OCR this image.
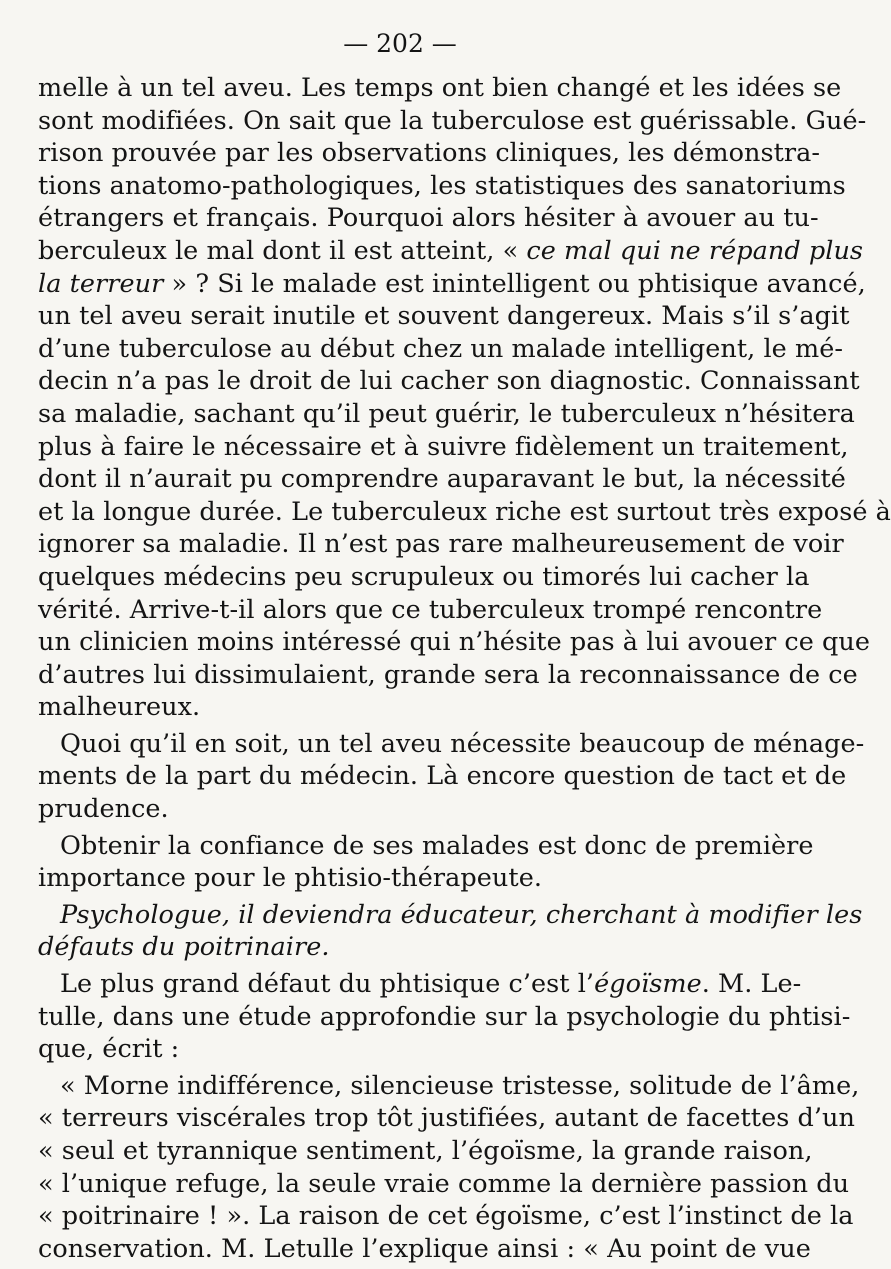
— 202 —

melle à un tel aveu. Les temps ont bien changé et les idées se
sont modifiées. On sait que la tuberculose est guérissable. Gué-
rison prouvée par les observations cliniques, les démonstra-
tions anatomo-pathologiques, les statistiques des sanatoriums
étrangers et français. Pourquoi alors hésiter à avouer au tu-
berculeux le mal dont il est atteint, « ce mal qui ne répand plus
la terreur » ? Si le malade est inintelligent ou phtisique avancé,
un tel aveu serait inutile et souvent dangereux. Mais s’il s’agit
d’une tuberculose au début chez un malade intelligent, le mé-
decin n’a pas le droit de lui cacher son diagnostic. Connaissant
sa maladie, sachant qu’il peut guérir, le tuberculeux n’hésitera
plus à faire le nécessaire et à suivre fidèlement un traitement,
dont il n’aurait pu comprendre auparavant le but, la nécessité
et la longue durée. Le tuberculeux riche est surtout très exposé à
ignorer sa maladie. Il n’est pas rare malheureusement de voir
quelques médecins peu scrupuleux ou timorés lui cacher la
vérité. Arrive-t-il alors que ce tuberculeux trompé rencontre
un clinicien moins intéressé qui n’hésite pas à lui avouer ce que
d’autres lui dissimulaient, grande sera la reconnaissance de ce
malheureux.

Quoi qu’il en soit, un tel aveu nécessite beaucoup de ménage-
ments de la part du médecin. Là encore question de tact et de
prudence.

Obtenir la confiance de ses malades est donc de première
importance pour le phtisio-thérapeute.

Psychologue, il deviendra éducateur, cherchant à modifier les
défauts du poitrinaire.

Le plus grand défaut du phtisique c’est l’égoïsme. M. Le-
tulle, dans une étude approfondie sur la psychologie du phtisi-
que, écrit :

« Morne indifférence, silencieuse tristesse, solitude de l’âme,
« terreurs viscérales trop tôt justifiées, autant de facettes d’un
« seul et tyrannique sentiment, l’égoïsme, la grande raison,
« l’unique refuge, la seule vraie comme la dernière passion du
« poitrinaire ! ». La raison de cet égoïsme, c’est l’instinct de la
conservation. M. Letulle l’explique ainsi : « Au point de vue
